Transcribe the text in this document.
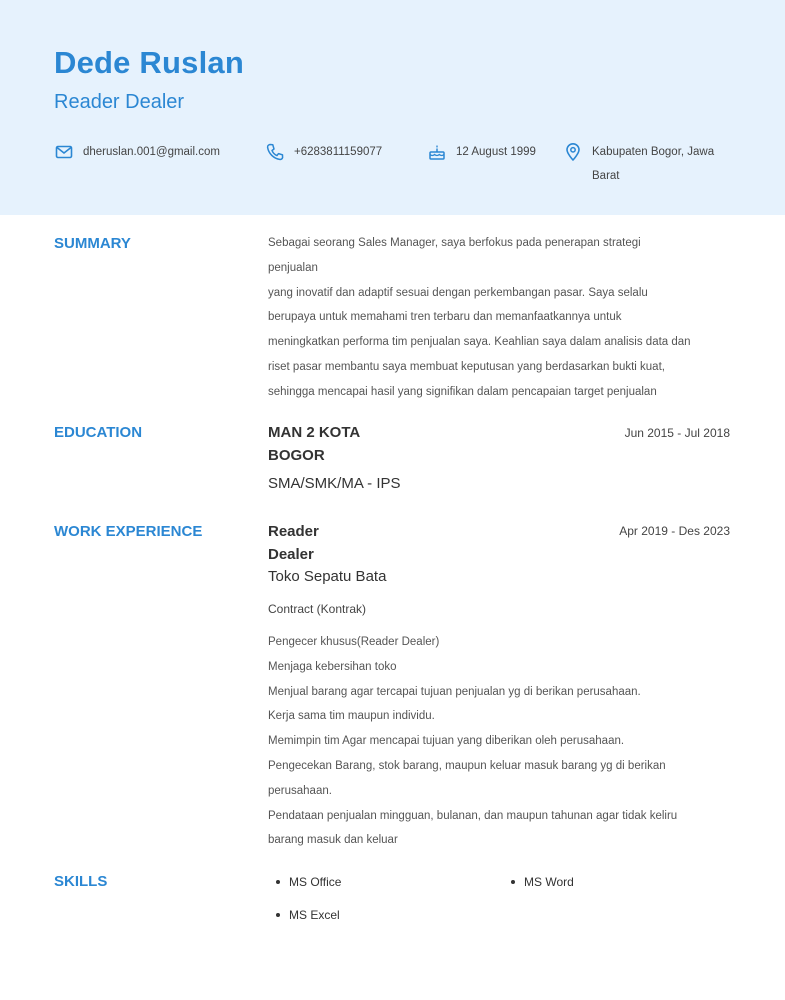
Dede Ruslan
Reader Dealer
dheruslan.001@gmail.com	+6283811159077	12 August 1999	Kabupaten Bogor, Jawa
Barat
SUMMARY	Sebagai seorang Sales Manager, saya berfokus pada penerapan strategi
penjualan
yang inovatif dan adaptif sesuai dengan perkembangan pasar. Saya selalu
berupaya untuk memahami tren terbaru dan memanfaatkannya untuk
meningkatkan performa tim penjualan saya. Keahlian saya dalam analisis data dan
riset pasar membantu saya membuat keputusan yang berdasarkan bukti kuat,
sehingga mencapai hasil yang signifikan dalam pencapaian target penjualan
EDUCATION	MAN 2 KOTA
BOGOR
Jun 2015 - Jul 2018
SMA/SMK/MA - IPS
WORK EXPERIENCE	Reader
Dealer
Apr 2019 - Des 2023
Toko Sepatu Bata
Contract (Kontrak)
Pengecer khusus(Reader Dealer)
Menjaga kebersihan toko
Menjual barang agar tercapai tujuan penjualan yg di berikan perusahaan.
Kerja sama tim maupun individu.
Memimpin tim Agar mencapai tujuan yang diberikan oleh perusahaan.
Pengecekan Barang, stok barang, maupun keluar masuk barang yg di berikan
perusahaan.
Pendataan penjualan mingguan, bulanan, dan maupun tahunan agar tidak keliru
barang masuk dan keluar
SKILLS	MS Office	MS Word
MS Excel
